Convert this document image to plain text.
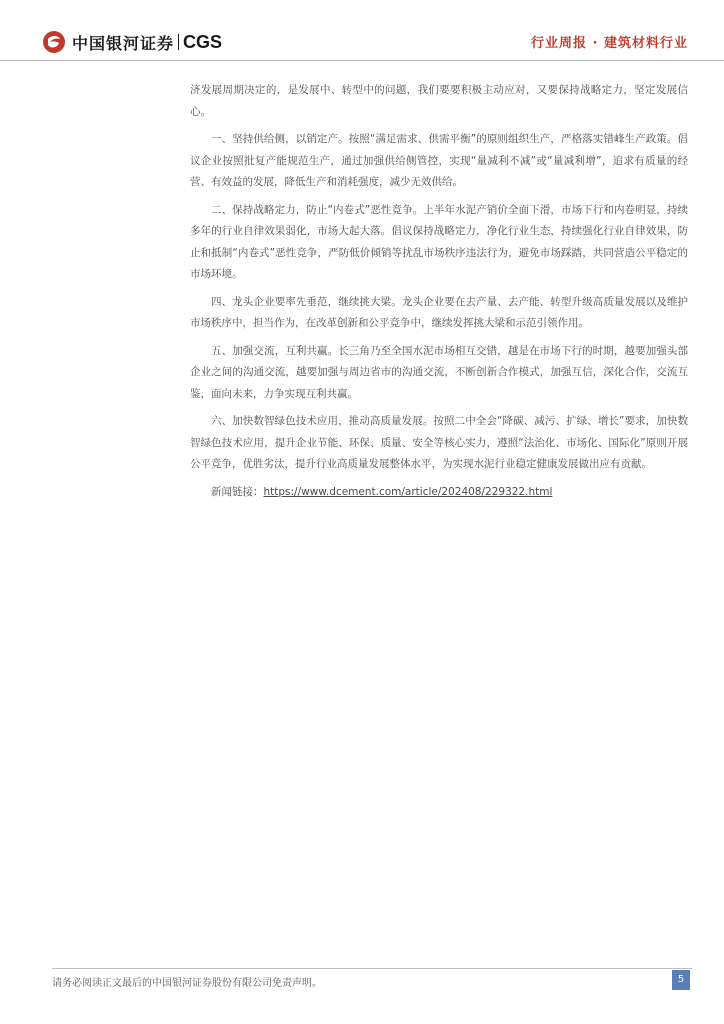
中国银河证券 CGS	行业周报 · 建筑材料行业

济发展周期决定的，是发展中、转型中的问题，我们要要积极主动应对，又要保持战略定力，坚定发展信心。

一、坚持供给侧，以销定产。按照“满足需求、供需平衡”的原则组织生产，严格落实错峰生产政策。倡议企业按照批复产能规范生产，通过加强供给侧管控，实现“量减利不减”或“量减利增”，追求有质量的经营、有效益的发展，降低生产和消耗强度，减少无效供给。

二、保持战略定力，防止“内卷式”恶性竞争。上半年水泥产销价全面下滑，市场下行和内卷明显，持续多年的行业自律效果弱化，市场大起大落。倡议保持战略定力，净化行业生态，持续强化行业自律效果，防止和抵制“内卷式”恶性竞争，严防低价倾销等扰乱市场秩序违法行为，避免市场踩踏，共同营造公平稳定的市场环境。

四、龙头企业要率先垂范，继续挑大梁。龙头企业要在去产量、去产能、转型升级高质量发展以及维护市场秩序中，担当作为，在改革创新和公平竞争中，继续发挥挑大梁和示范引领作用。

五、加强交流，互利共赢。长三角乃至全国水泥市场相互交错，越是在市场下行的时期，越要加强头部企业之间的沟通交流，越要加强与周边省市的沟通交流，不断创新合作模式，加强互信，深化合作，交流互鉴，面向未来，力争实现互利共赢。

六、加快数智绿色技术应用，推动高质量发展。按照二中全会“降碳、减污、扩绿、增长”要求，加快数智绿色技术应用，提升企业节能、环保、质量、安全等核心实力，遵照“法治化、市场化、国际化”原则开展公平竞争，优胜劣汰，提升行业高质量发展整体水平，为实现水泥行业稳定健康发展做出应有贡献。

新闻链接：https://www.dcement.com/article/202408/229322.html
请务必阅读正文最后的中国银河证券股份有限公司免责声明。	5
